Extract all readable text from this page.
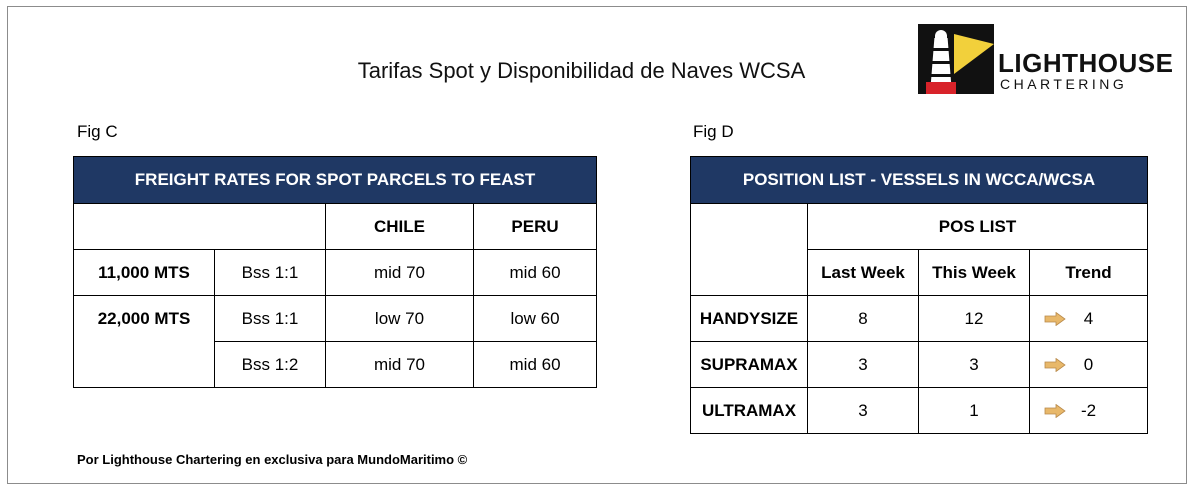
Tarifas Spot y Disponibilidad de Naves WCSA	LIGHTHOUSE
CHARTERING
Fig C	Fig D
FREIGHT RATES FOR SPOT PARCELS TO FEAST			
		CHILE	PERU
11,000 MTS	Bss 1:1	mid 70	mid 60
22,000 MTS	Bss 1:1	low 70	low 60
	Bss 1:2	mid 70	mid 60
POSITION LIST - VESSELS IN WCCA/WCSA			
	POS LIST		
	Last Week	This Week	Trend
HANDYSIZE	8	12	4
SUPRAMAX	3	3	0
ULTRAMAX	3	1	-2
Por Lighthouse Chartering en exclusiva para MundoMaritimo ©
